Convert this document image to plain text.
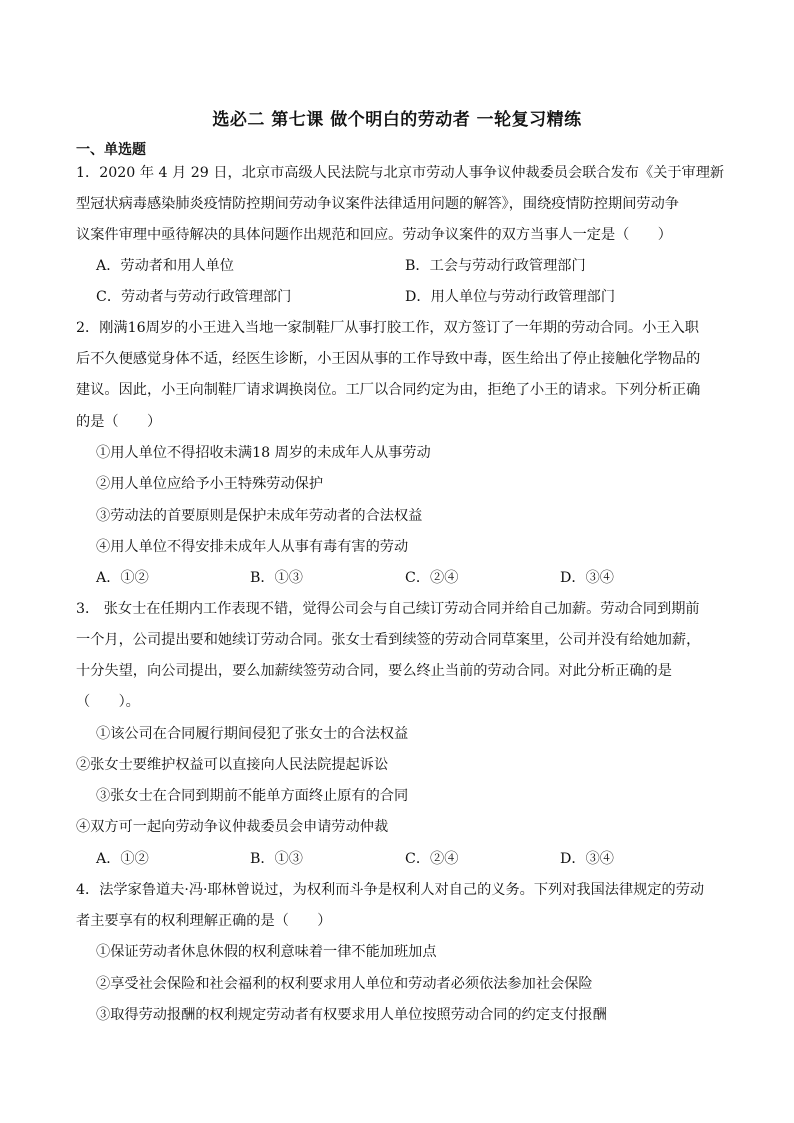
选必二 第七课 做个明白的劳动者 一轮复习精练
一、单选题
1．2020 年 4 月 29 日，北京市高级人民法院与北京市劳动人事争议仲裁委员会联合发布《关于审理新
型冠状病毒感染肺炎疫情防控期间劳动争议案件法律适用问题的解答》，围绕疫情防控期间劳动争
议案件审理中亟待解决的具体问题作出规范和回应。劳动争议案件的双方当事人一定是（　　）
A．劳动者和用人单位	B．工会与劳动行政管理部门
C．劳动者与劳动行政管理部门	D．用人单位与劳动行政管理部门
2．刚满16周岁的小王进入当地一家制鞋厂从事打胶工作，双方签订了一年期的劳动合同。小王入职
后不久便感觉身体不适，经医生诊断，小王因从事的工作导致中毒，医生给出了停止接触化学物品的
建议。因此，小王向制鞋厂请求调换岗位。工厂以合同约定为由，拒绝了小王的请求。下列分析正确
的是（　　）
①用人单位不得招收未满18 周岁的未成年人从事劳动
②用人单位应给予小王特殊劳动保护
③劳动法的首要原则是保护未成年劳动者的合法权益
④用人单位不得安排未成年人从事有毒有害的劳动
A．①②	B．①③	C．②④	D．③④
3． 张女士在任期内工作表现不错，觉得公司会与自己续订劳动合同并给自己加薪。劳动合同到期前
一个月，公司提出要和她续订劳动合同。张女士看到续签的劳动合同草案里，公司并没有给她加薪，
十分失望，向公司提出，要么加薪续签劳动合同，要么终止当前的劳动合同。对此分析正确的是
（　　）。
①该公司在合同履行期间侵犯了张女士的合法权益
②张女士要维护权益可以直接向人民法院提起诉讼
③张女士在合同到期前不能单方面终止原有的合同
④双方可一起向劳动争议仲裁委员会申请劳动仲裁
A．①②	B．①③	C．②④	D．③④
4．法学家鲁道夫·冯·耶林曾说过，为权利而斗争是权利人对自己的义务。下列对我国法律规定的劳动
者主要享有的权利理解正确的是（　　）
①保证劳动者休息休假的权利意味着一律不能加班加点
②享受社会保险和社会福利的权利要求用人单位和劳动者必须依法参加社会保险
③取得劳动报酬的权利规定劳动者有权要求用人单位按照劳动合同的约定支付报酬
